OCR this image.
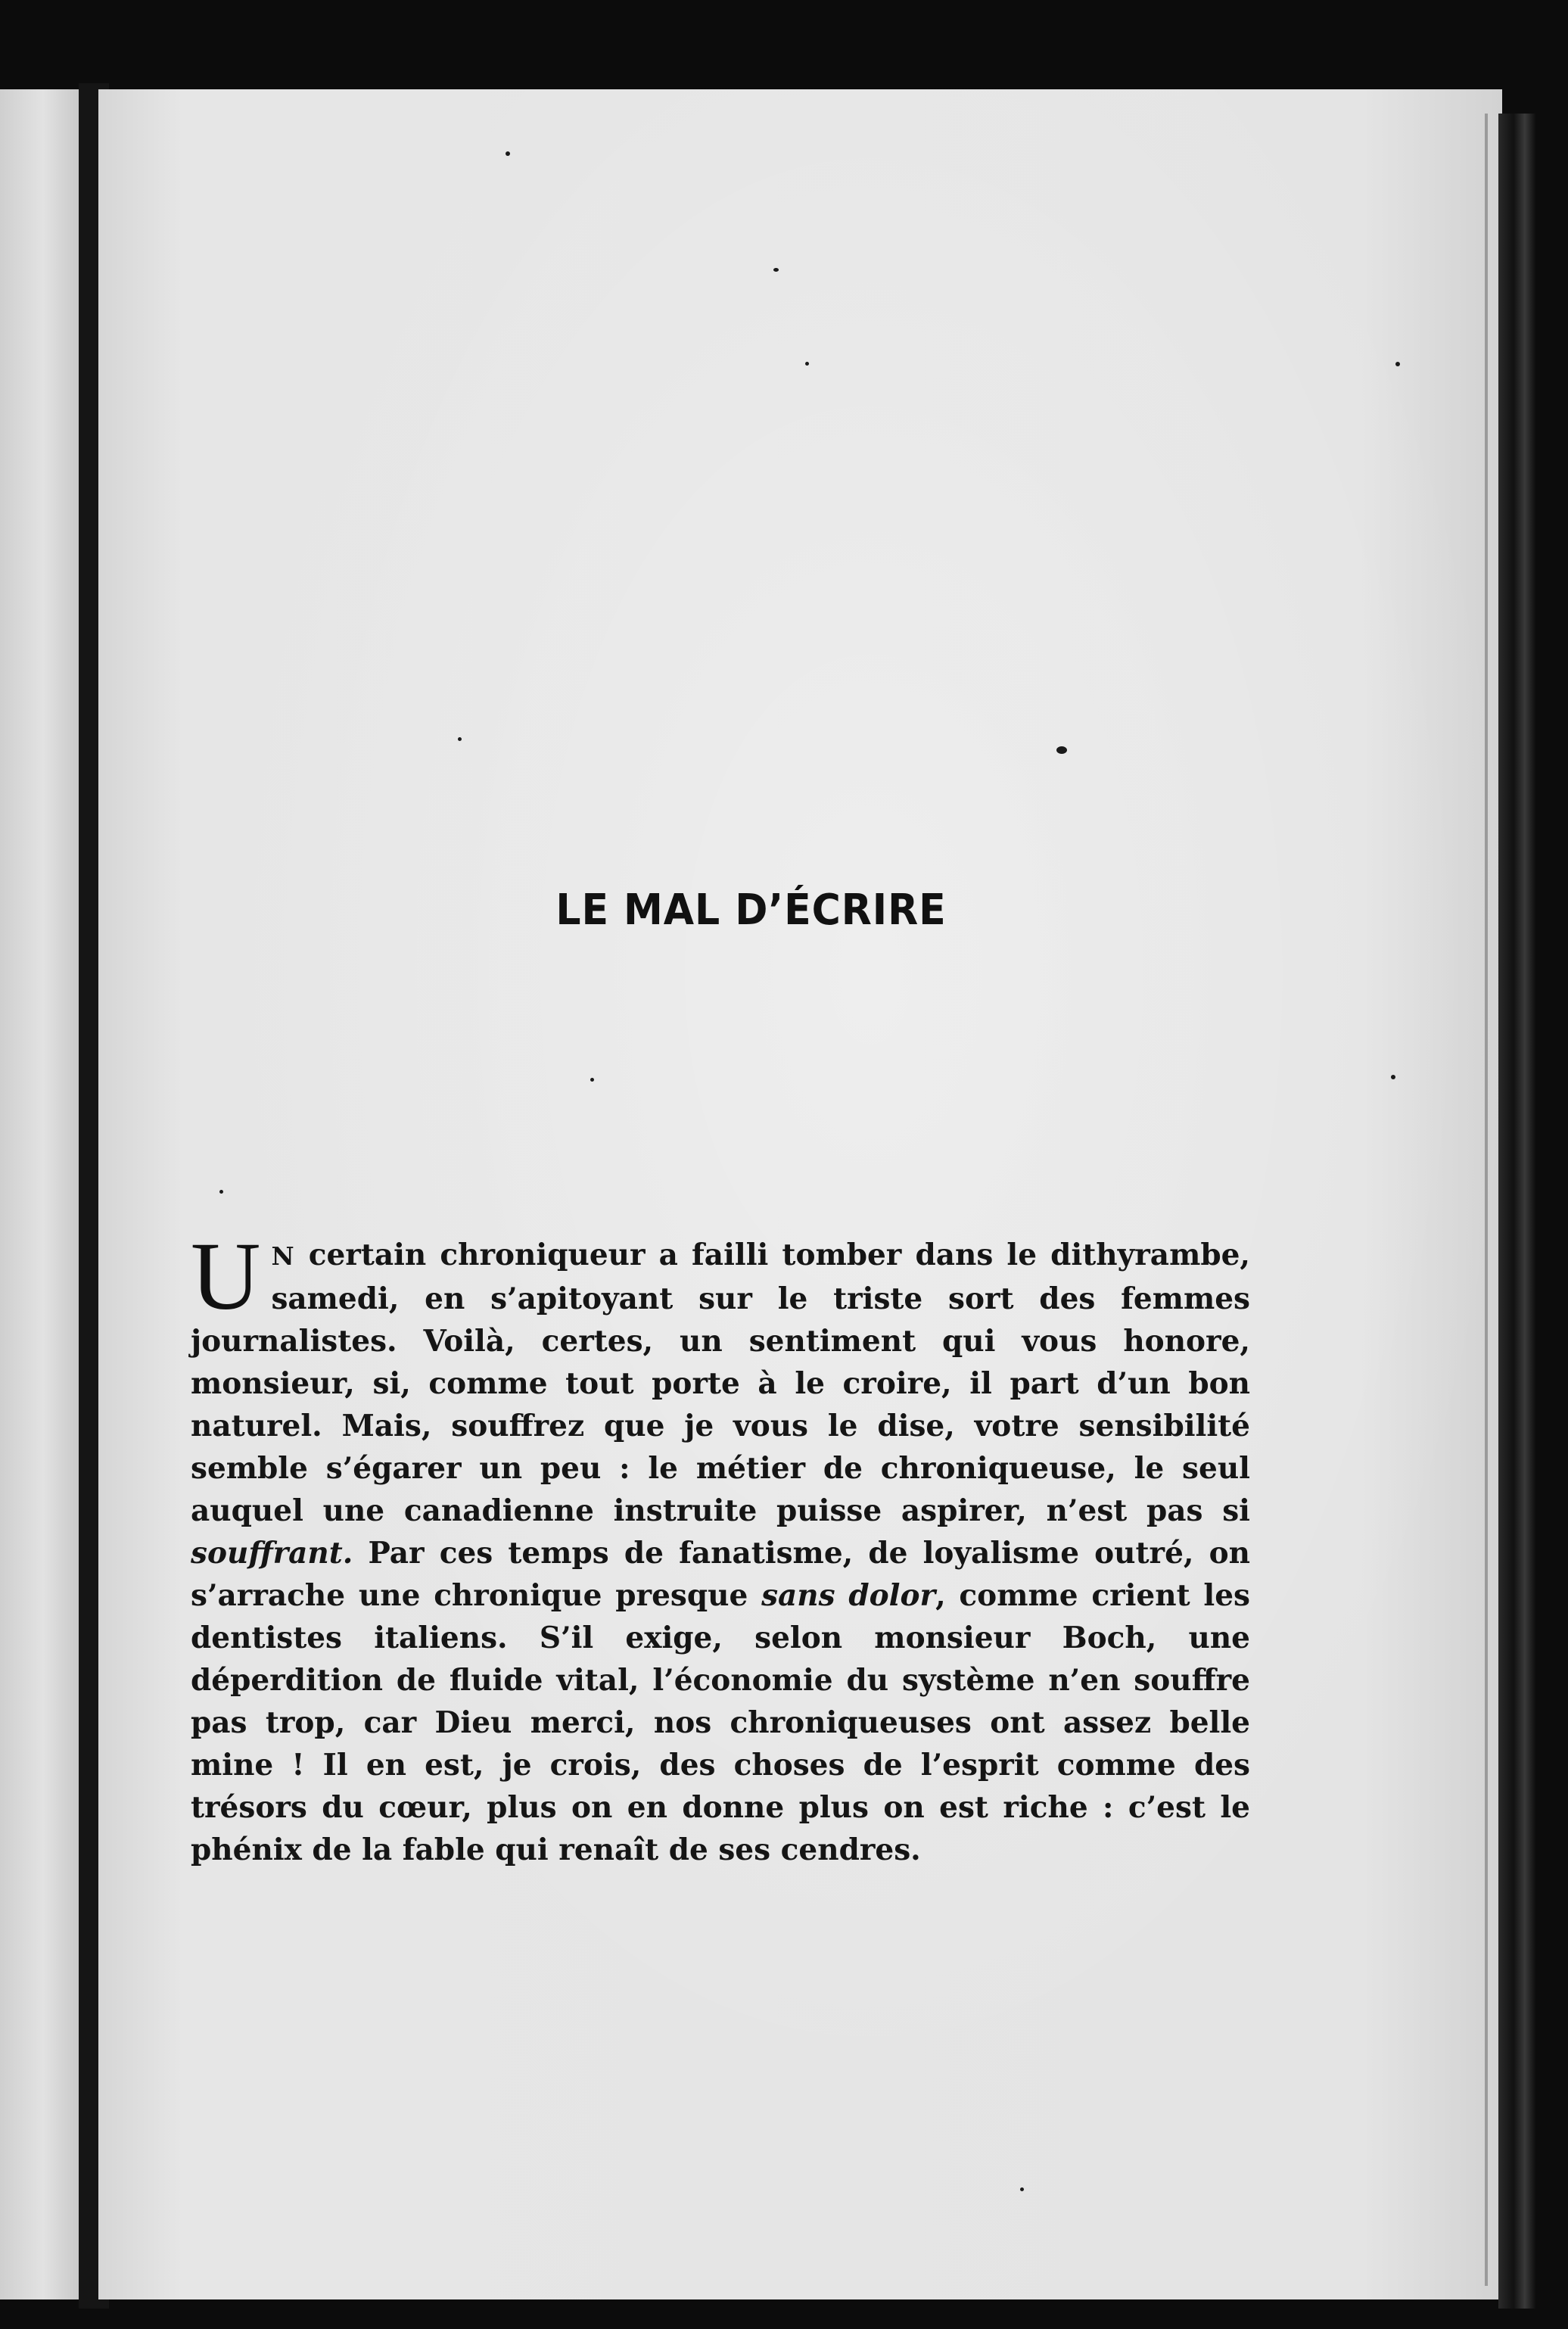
LE MAL D’ÉCRIRE
U N certain chroniqueur a failli tomber dans le dithyrambe, samedi, en s’apitoyant sur le triste sort des femmes journalistes. Voilà, certes, un sentiment qui vous honore, monsieur, si, comme tout porte à le croire, il part d’un bon naturel. Mais, souffrez que je vous le dise, votre sensibilité semble s’égarer un peu : le métier de chroniqueuse, le seul auquel une canadienne instruite puisse aspirer, n’est pas si souffrant. Par ces temps de fanatisme, de loyalisme outré, on s’arrache une chronique presque sans dolor, comme crient les dentistes italiens. S’il exige, selon monsieur Boch, une déperdition de fluide vital, l’économie du système n’en souffre pas trop, car Dieu merci, nos chroniqueuses ont assez belle mine ! Il en est, je crois, des choses de l’esprit comme des trésors du cœur, plus on en donne plus on est riche : c’est le phénix de la fable qui renaît de ses cendres.
